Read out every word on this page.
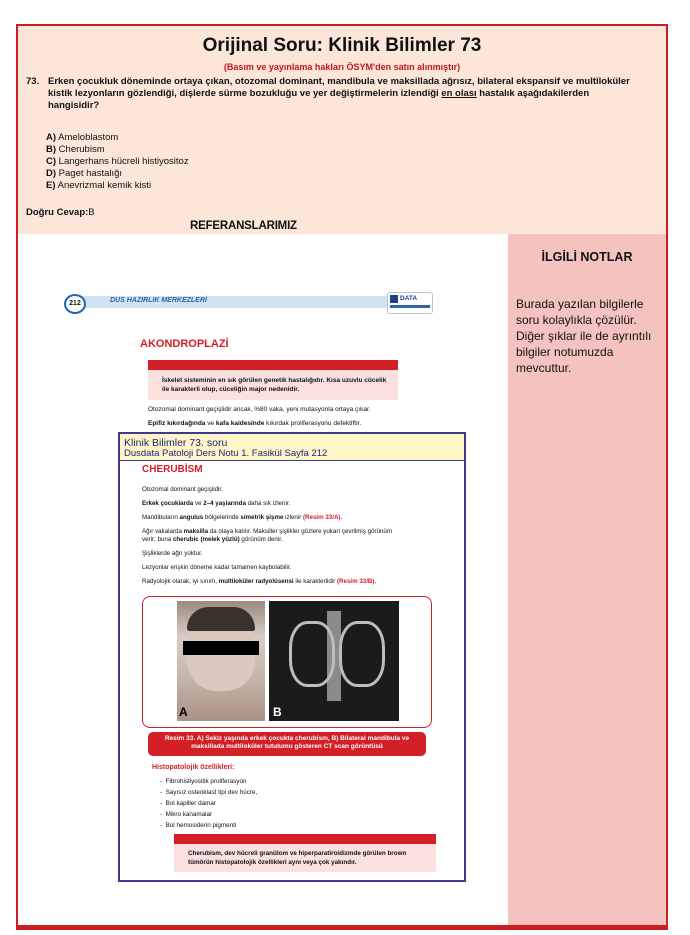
Orijinal Soru: Klinik Bilimler 73
(Basım ve yayınlama hakları ÖSYM'den satın alınmıştır)
73. Erken çocukluk döneminde ortaya çıkan, otozomal dominant, mandibula ve maksillada ağrısız, bilateral ekspansif ve multiloküler kistik lezyonların gözlendiği, dişlerde sürme bozukluğu ve yer değiştirmelerin izlendiği en olası hastalık aşağıdakilerden hangisidir?
A) Ameloblastom
B) Cherubism
C) Langerhans hücreli histiyositoz
D) Paget hastalığı
E) Anevrizmal kemik kisti
Doğru Cevap:B
İLGİLİ NOTLAR
Burada yazılan bilgilerle soru kolaylıkla çözülür. Diğer şıklar ile de ayrıntılı bilgiler notumuzda mevcuttur.
REFERANSLARIMIZ
DUS HAZIRLIK MERKEZLERİ
212
DATA
AKONDROPLAZİ
İskelet sisteminin en sık görülen genetik hastalığıdır. Kısa uzuvlu cücelik ile karakterli olup, cüceliğin major nedenidir.
Otozomal dominant geçişlidir ancak, %80 vaka, yeni mutasyonla ortaya çıkar.
Epifiz kıkırdağında ve kafa kaidesinde kıkırdak proliferasyonu defektiftir.
Klinik Bilimler 73. soru
Dusdata Patoloji Ders Notu 1. Fasikül Sayfa 212
CHERUBİSM
Otozomal dominant geçişlidir.
Erkek çocuklarda ve 2–4 yaşlarında daha sık izlenir.
Mandibuların angulus bölgelerinde simetrik şişme izlenir (Resim 33/A).
Ağır vakalarda maksilla da olaya katılır. Maksiller şişlikler gözlere yukarı çevrilmiş görünüm
verir; buna cherubic (melek yüzlü) görünüm denir.
Şişliklerde ağrı yoktur.
Lezyonlar erişkin döneme kadar tamamen kaybolabilir.
Radyolojik olarak, iyi sınırlı, multiloküler radyolüsensi ile karakterlidir (Resim 33/B).
A	B
Resim 33. A) Sekiz yaşında erkek çocukta cherubism, B) Bilateral mandibula ve maksillada multiloküler tutulumu gösteren CT scan görüntüsü
Histopatolojik özellikleri:
-  Fibrohistiyositik proliferasyon
-  Sayısız osteoklast tipi dev hücre,
-  Bol kapiller damar
-  Mikro kanamalar
-  Bol hemosiderin pigmenti
Cherubism, dev hücreli granülom ve hiperparatiroidizmde görülen brown tümörün histopatolojik özellikleri aynı veya çok yakındır.
